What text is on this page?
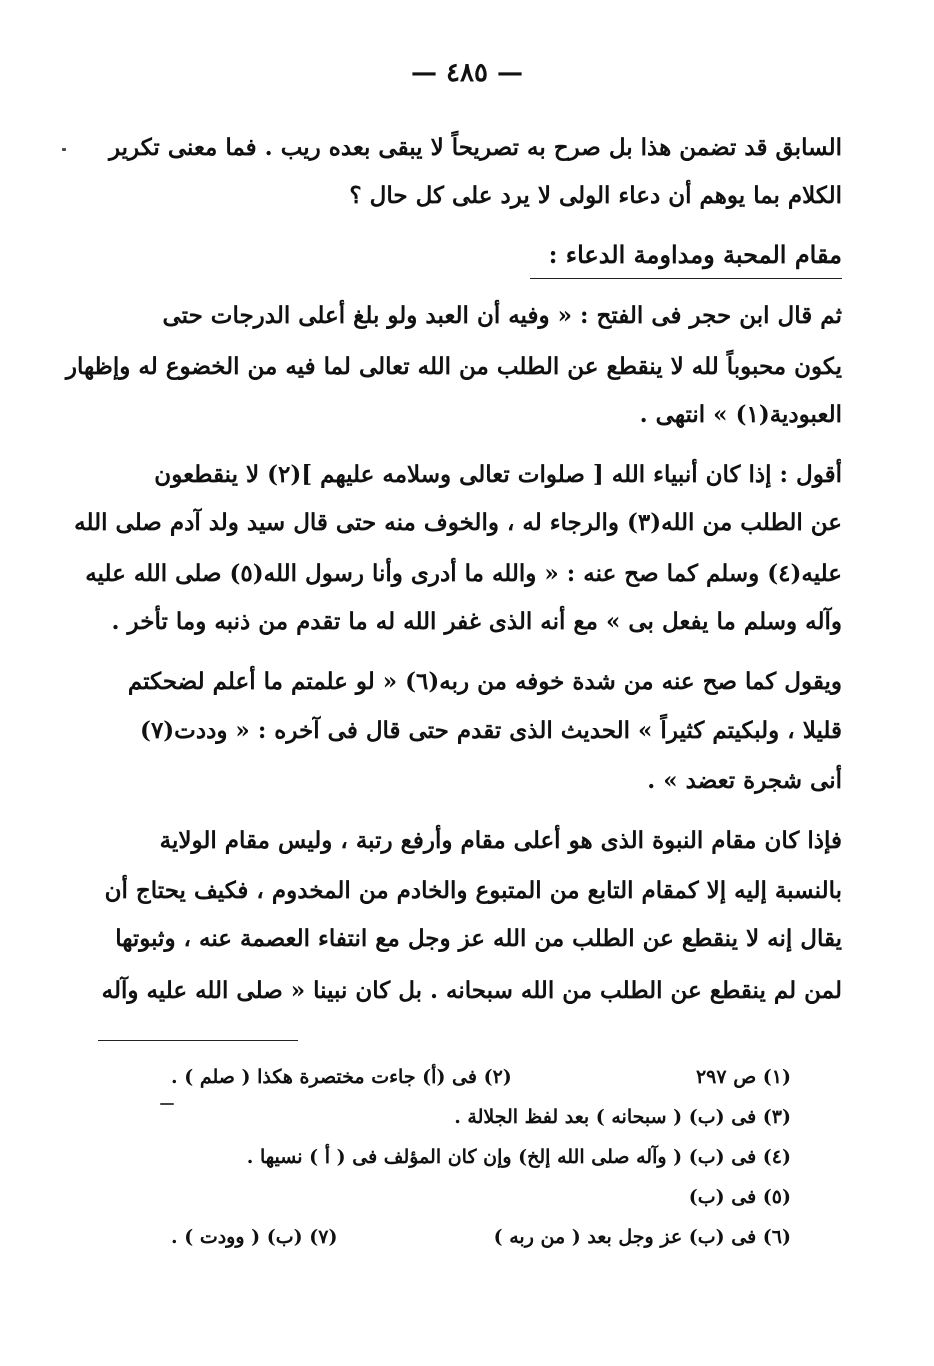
— ٤٨٥ —
السابق قد تضمن هذا بل صرح به تصريحاً لا يبقى بعده ريب . فما معنى تكرير
الكلام بما يوهم أن دعاء الولى لا يرد على كل حال ؟
مقام المحبة ومداومة الدعاء :
ثم قال ابن حجر فى الفتح : « وفيه أن العبد ولو بلغ أعلى الدرجات حتى
يكون محبوباً لله لا ينقطع عن الطلب من الله تعالى لما فيه من الخضوع له وإظهار
العبودية(١) » انتهى .
أقول : إذا كان أنبياء الله [ صلوات تعالى وسلامه عليهم ](٢) لا ينقطعون
عن الطلب من الله(٣) والرجاء له ، والخوف منه حتى قال سيد ولد آدم صلى الله
عليه(٤) وسلم كما صح عنه : « والله ما أدرى وأنا رسول الله(٥) صلى الله عليه
وآله وسلم ما يفعل بى » مع أنه الذى غفر الله له ما تقدم من ذنبه وما تأخر .
ويقول كما صح عنه من شدة خوفه من ربه(٦) « لو علمتم ما أعلم لضحكتم
قليلا ، ولبكيتم كثيراً » الحديث الذى تقدم حتى قال فى آخره : « وددت(٧)
أنى شجرة تعضد » .
فإذا كان مقام النبوة الذى هو أعلى مقام وأرفع رتبة ، وليس مقام الولاية
بالنسبة إليه إلا كمقام التابع من المتبوع والخادم من المخدوم ، فكيف يحتاج أن
يقال إنه لا ينقطع عن الطلب من الله عز وجل مع انتفاء العصمة عنه ، وثبوتها
لمن لم ينقطع عن الطلب من الله سبحانه . بل كان نبينا « صلى الله عليه وآله
(١) ص ٢٩٧
(٢) فى (أ) جاءت مختصرة هكذا ( صلم ) .
(٣) فى (ب) ( سبحانه ) بعد لفظ الجلالة .
(٤) فى (ب) ( وآله صلى الله إلخ) وإن كان المؤلف فى ( أ ) نسيها .
(٥) فى (ب)
(٦) فى (ب) عز وجل بعد ( من ربه )
(٧) (ب) ( وودت ) .
